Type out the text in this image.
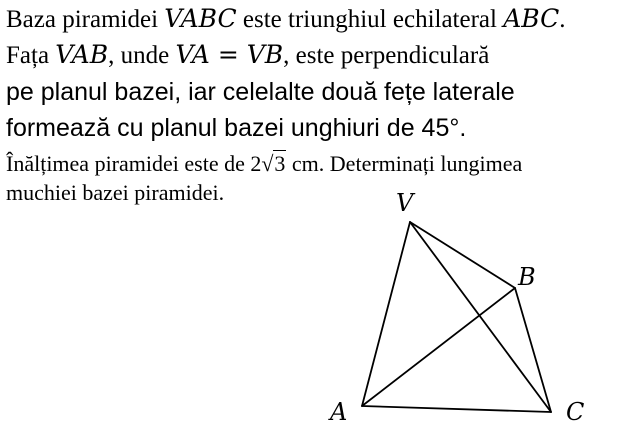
Baza piramidei VABC este triunghiul echilateral ABC.
Fața VAB, unde VA = VB, este perpendiculară
pe planul bazei, iar celelalte două fețe laterale
formează cu planul bazei unghiuri de 45°.
Înălțimea piramidei este de 2√3 cm. Determinați lungimea
muchiei bazei piramidei.	V
B
A	C
